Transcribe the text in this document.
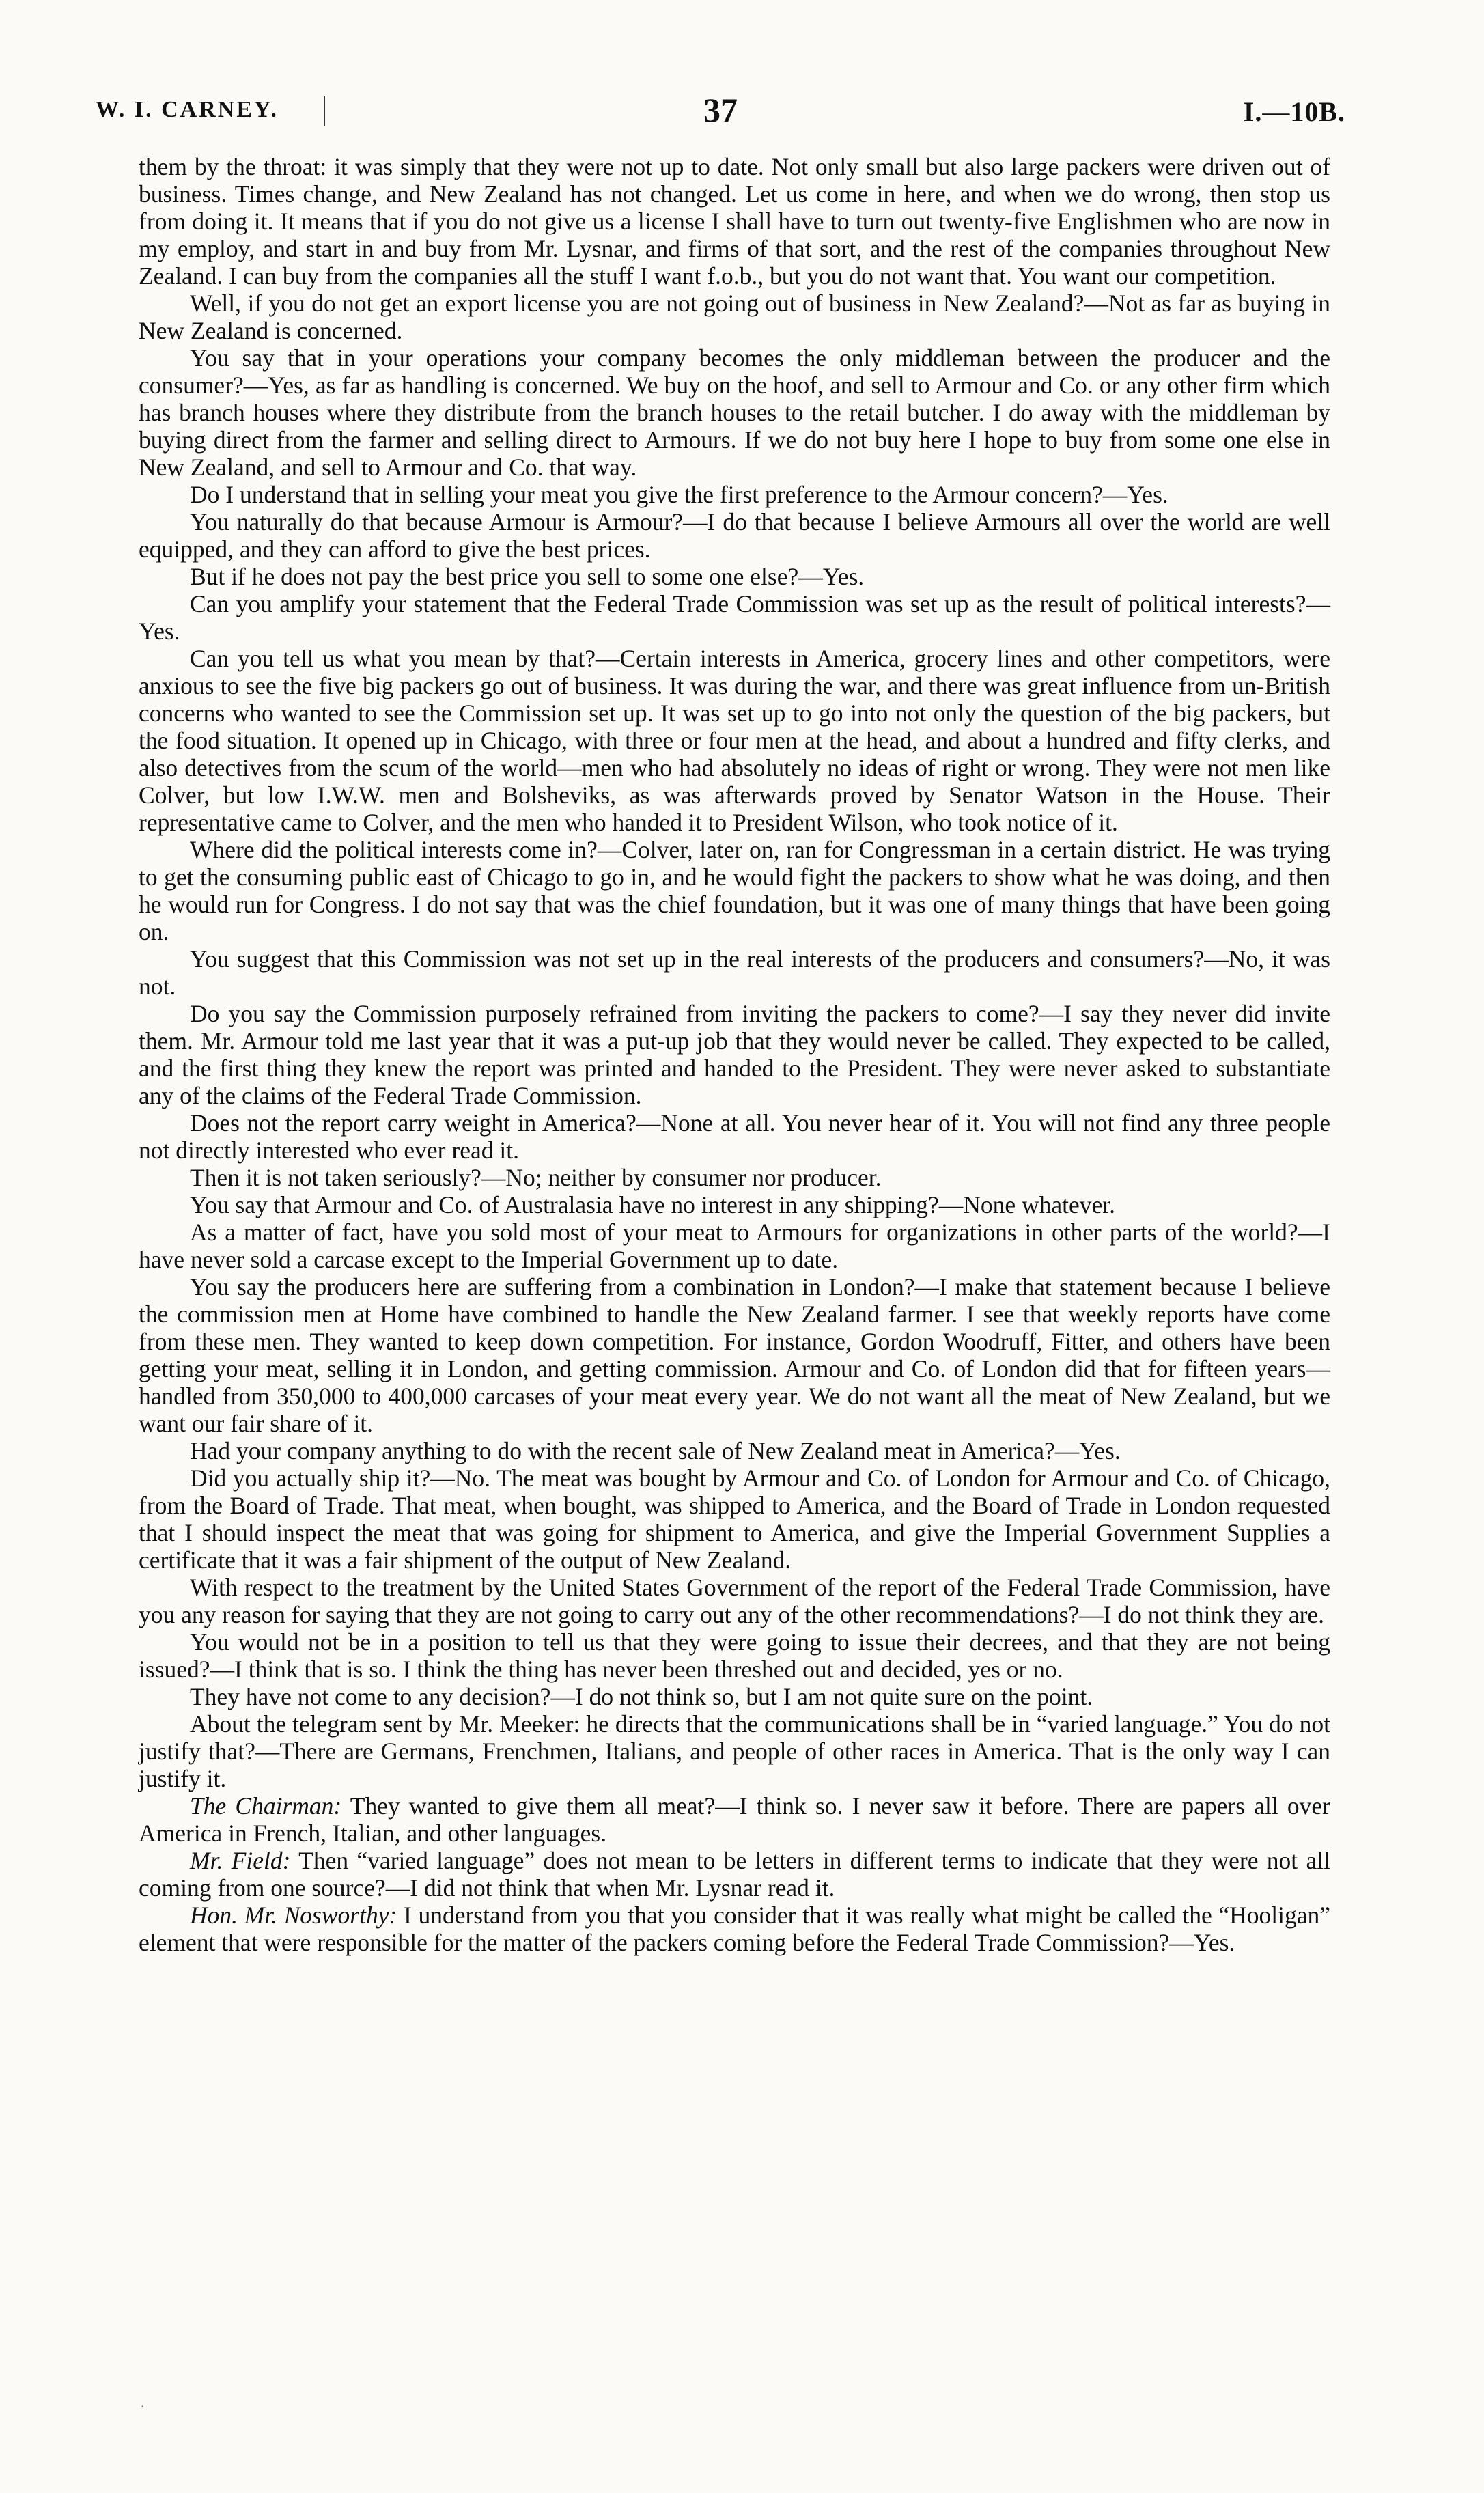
W. I. CARNEY.	37	I.—10B.

them by the throat: it was simply that they were not up to date. Not only small but also large packers were driven out of business. Times change, and New Zealand has not changed. Let us come in here, and when we do wrong, then stop us from doing it. It means that if you do not give us a license I shall have to turn out twenty-five Englishmen who are now in my employ, and start in and buy from Mr. Lysnar, and firms of that sort, and the rest of the companies throughout New Zealand. I can buy from the companies all the stuff I want f.o.b., but you do not want that. You want our competition.

Well, if you do not get an export license you are not going out of business in New Zealand?—Not as far as buying in New Zealand is concerned.

You say that in your operations your company becomes the only middleman between the producer and the consumer?—Yes, as far as handling is concerned. We buy on the hoof, and sell to Armour and Co. or any other firm which has branch houses where they distribute from the branch houses to the retail butcher. I do away with the middleman by buying direct from the farmer and selling direct to Armours. If we do not buy here I hope to buy from some one else in New Zealand, and sell to Armour and Co. that way.

Do I understand that in selling your meat you give the first preference to the Armour concern?—Yes.

You naturally do that because Armour is Armour?—I do that because I believe Armours all over the world are well equipped, and they can afford to give the best prices.

But if he does not pay the best price you sell to some one else?—Yes.

Can you amplify your statement that the Federal Trade Commission was set up as the result of political interests?—Yes.

Can you tell us what you mean by that?—Certain interests in America, grocery lines and other competitors, were anxious to see the five big packers go out of business. It was during the war, and there was great influence from un-British concerns who wanted to see the Commission set up. It was set up to go into not only the question of the big packers, but the food situation. It opened up in Chicago, with three or four men at the head, and about a hundred and fifty clerks, and also detectives from the scum of the world—men who had absolutely no ideas of right or wrong. They were not men like Colver, but low I.W.W. men and Bolsheviks, as was afterwards proved by Senator Watson in the House. Their representative came to Colver, and the men who handed it to President Wilson, who took notice of it.

Where did the political interests come in?—Colver, later on, ran for Congressman in a certain district. He was trying to get the consuming public east of Chicago to go in, and he would fight the packers to show what he was doing, and then he would run for Congress. I do not say that was the chief foundation, but it was one of many things that have been going on.

You suggest that this Commission was not set up in the real interests of the producers and consumers?—No, it was not.

Do you say the Commission purposely refrained from inviting the packers to come?—I say they never did invite them. Mr. Armour told me last year that it was a put-up job that they would never be called. They expected to be called, and the first thing they knew the report was printed and handed to the President. They were never asked to substantiate any of the claims of the Federal Trade Commission.

Does not the report carry weight in America?—None at all. You never hear of it. You will not find any three people not directly interested who ever read it.

Then it is not taken seriously?—No; neither by consumer nor producer.

You say that Armour and Co. of Australasia have no interest in any shipping?—None whatever.

As a matter of fact, have you sold most of your meat to Armours for organizations in other parts of the world?—I have never sold a carcase except to the Imperial Government up to date.

You say the producers here are suffering from a combination in London?—I make that statement because I believe the commission men at Home have combined to handle the New Zealand farmer. I see that weekly reports have come from these men. They wanted to keep down competition. For instance, Gordon Woodruff, Fitter, and others have been getting your meat, selling it in London, and getting commission. Armour and Co. of London did that for fifteen years—handled from 350,000 to 400,000 carcases of your meat every year. We do not want all the meat of New Zealand, but we want our fair share of it.

Had your company anything to do with the recent sale of New Zealand meat in America?—Yes.

Did you actually ship it?—No. The meat was bought by Armour and Co. of London for Armour and Co. of Chicago, from the Board of Trade. That meat, when bought, was shipped to America, and the Board of Trade in London requested that I should inspect the meat that was going for shipment to America, and give the Imperial Government Supplies a certificate that it was a fair shipment of the output of New Zealand.

With respect to the treatment by the United States Government of the report of the Federal Trade Commission, have you any reason for saying that they are not going to carry out any of the other recommendations?—I do not think they are.

You would not be in a position to tell us that they were going to issue their decrees, and that they are not being issued?—I think that is so. I think the thing has never been threshed out and decided, yes or no.

They have not come to any decision?—I do not think so, but I am not quite sure on the point.

About the telegram sent by Mr. Meeker: he directs that the communications shall be in “varied language.” You do not justify that?—There are Germans, Frenchmen, Italians, and people of other races in America. That is the only way I can justify it.

The Chairman: They wanted to give them all meat?—I think so. I never saw it before. There are papers all over America in French, Italian, and other languages.

Mr. Field: Then “varied language” does not mean to be letters in different terms to indicate that they were not all coming from one source?—I did not think that when Mr. Lysnar read it.

Hon. Mr. Nosworthy: I understand from you that you consider that it was really what might be called the “Hooligan” element that were responsible for the matter of the packers coming before the Federal Trade Commission?—Yes.

·
